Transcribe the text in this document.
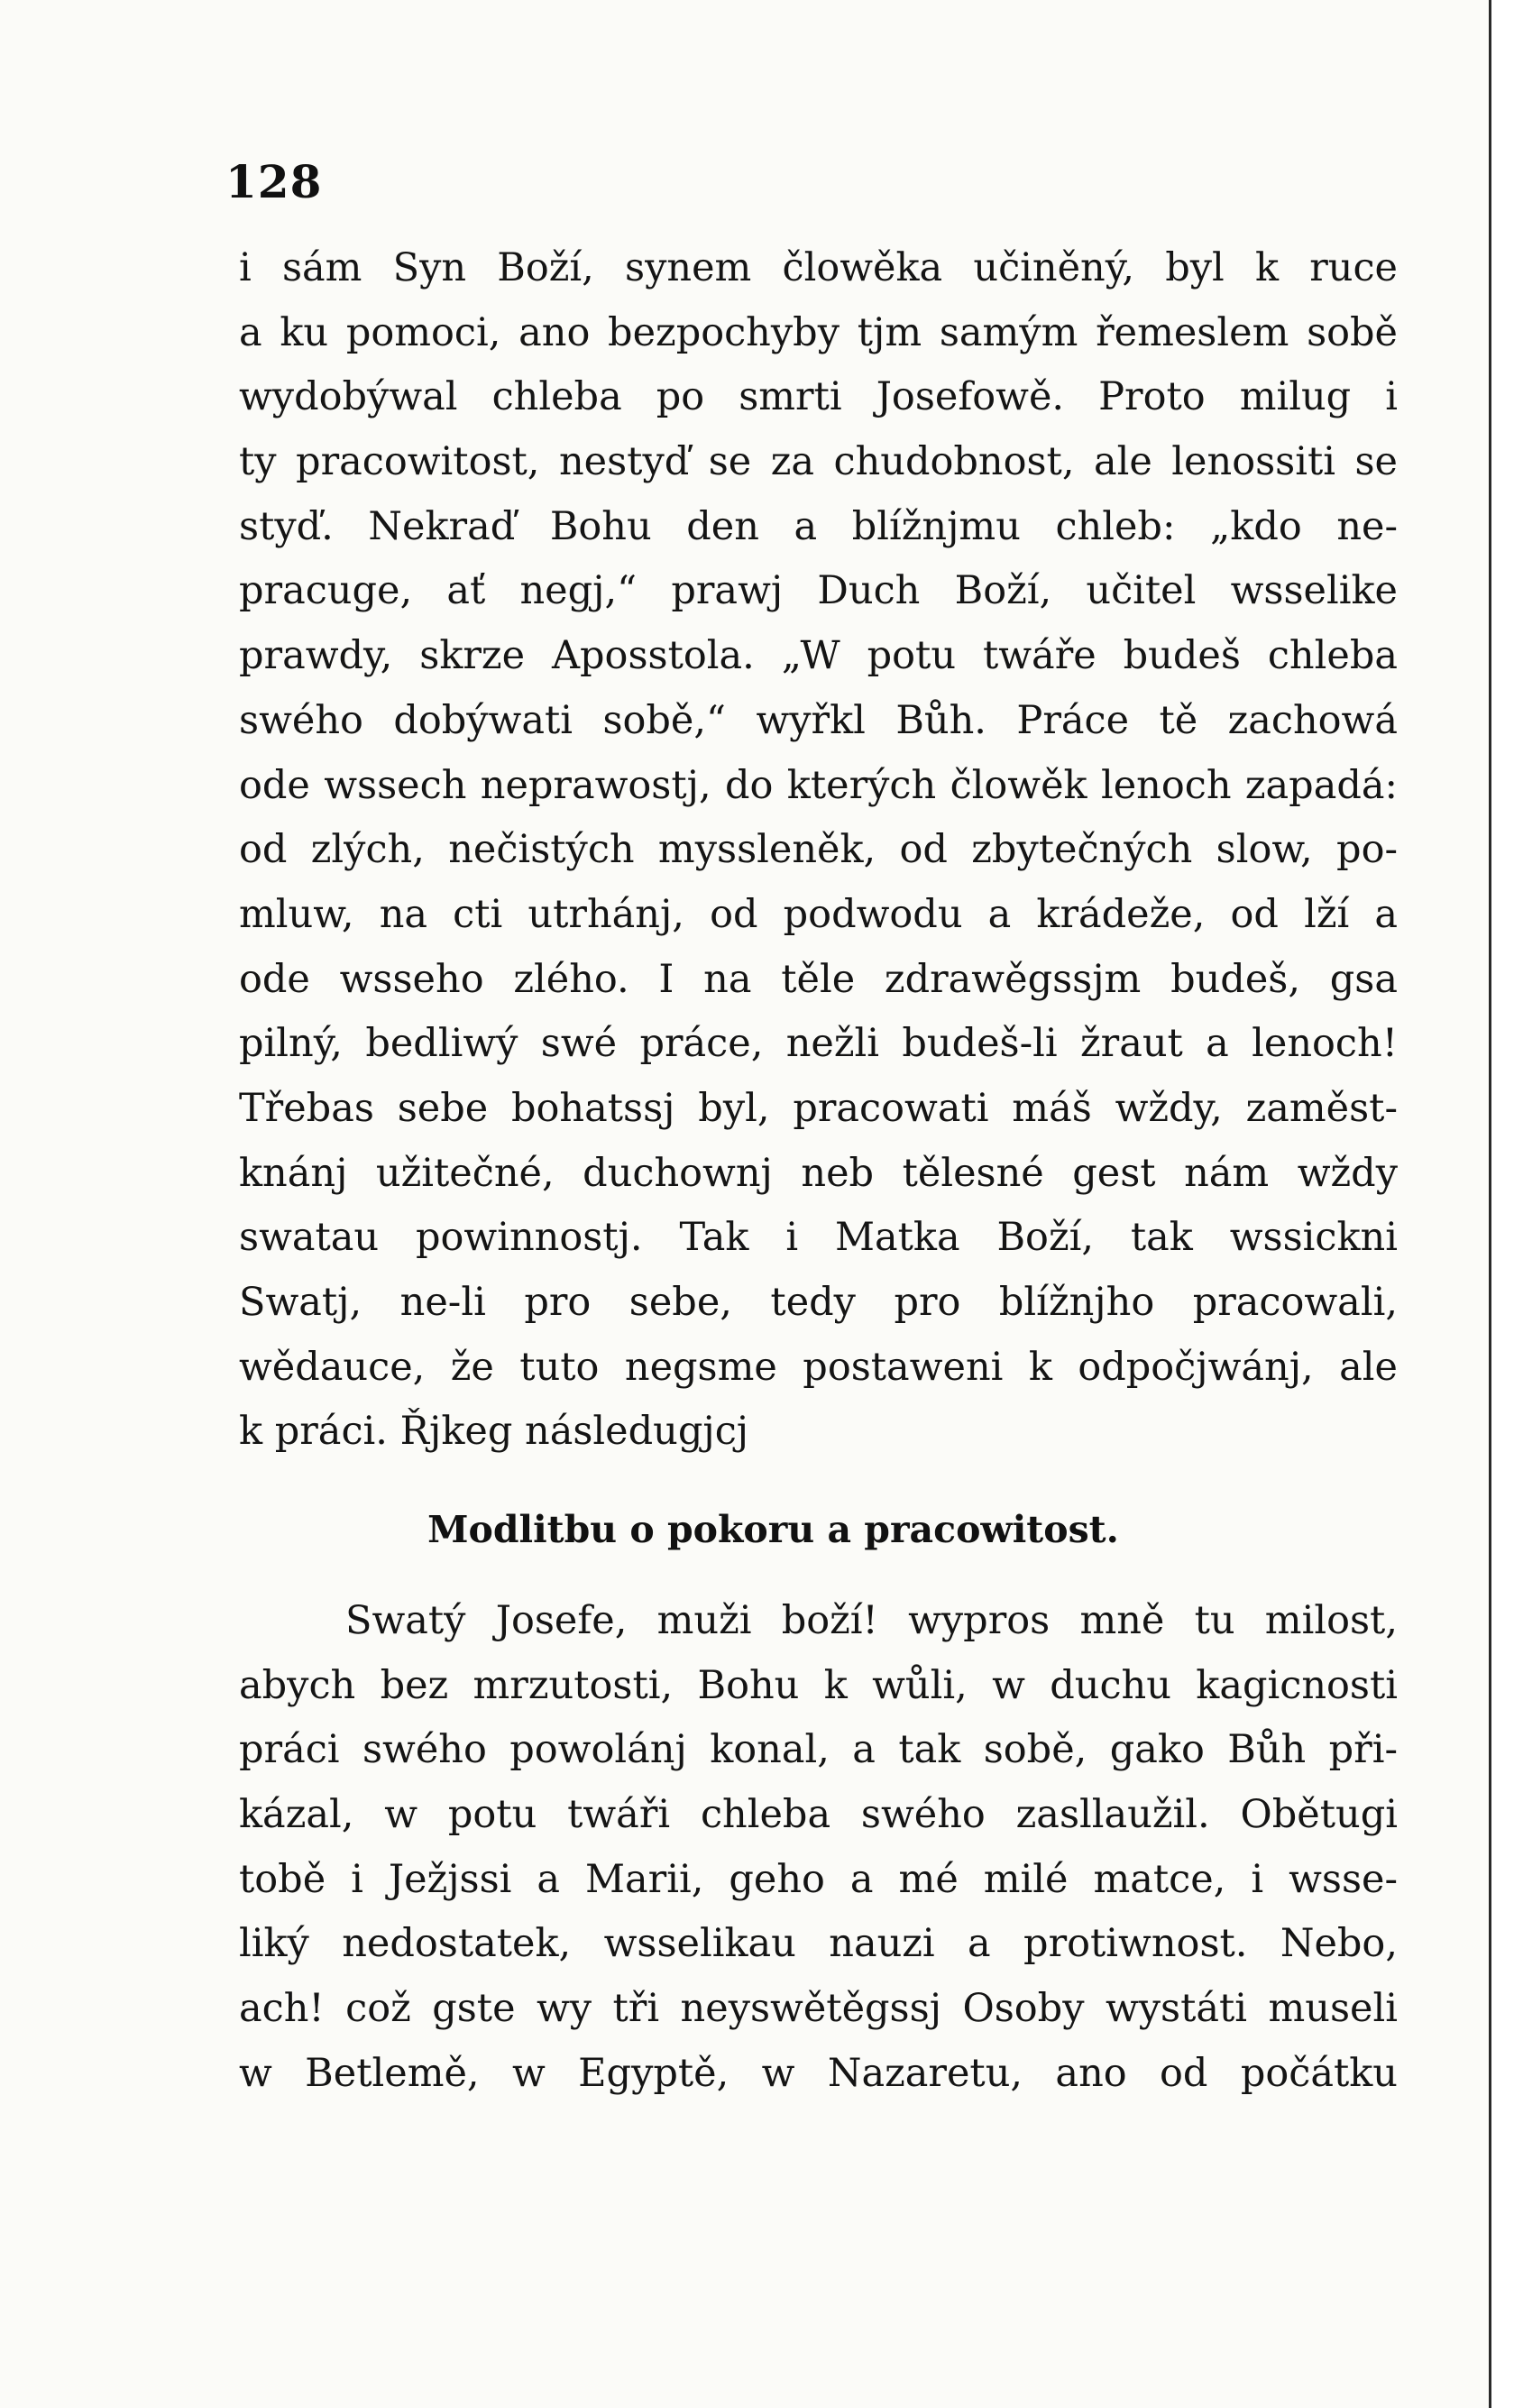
128
i sám Syn Boží, synem člowěka učiněný, byl k ruce
a ku pomoci, ano bezpochyby tjm samým řemeslem sobě
wydobýwal chleba po smrti Josefowě. Proto milug i
ty pracowitost, nestyď se za chudobnost, ale lenossiti se
styď. Nekraď Bohu den a blížnjmu chleb: „kdo ne-
pracuge, ať negj,“ prawj Duch Boží, učitel wsselike
prawdy, skrze Aposstola. „W potu twáře budeš chleba
swého dobýwati sobě,“ wyřkl Bůh. Práce tě zachowá
ode wssech neprawostj, do kterých člowěk lenoch zapadá:
od zlých, nečistých myssleněk, od zbytečných slow, po-
mluw, na cti utrhánj, od podwodu a krádeže, od lží a
ode wsseho zlého. I na těle zdrawěgssjm budeš, gsa
pilný, bedliwý swé práce, nežli budeš-li žraut a lenoch!
Třebas sebe bohatssj byl, pracowati máš wždy, zaměst-
knánj užitečné, duchownj neb tělesné gest nám wždy
swatau powinnostj. Tak i Matka Boží, tak wssickni
Swatj, ne-li pro sebe, tedy pro blížnjho pracowali,
wědauce, že tuto negsme postaweni k odpočjwánj, ale
k práci. Řjkeg následugjcj
Modlitbu o pokoru a pracowitost.
Swatý Josefe, muži boží! wypros mně tu milost,
abych bez mrzutosti, Bohu k wůli, w duchu kagicnosti
práci swého powolánj konal, a tak sobě, gako Bůh při-
kázal, w potu twáři chleba swého zasllaužil. Obětugi
tobě i Ježjssi a Marii, geho a mé milé matce, i wsse-
liký nedostatek, wsselikau nauzi a protiwnost. Nebo,
ach! což gste wy tři neyswětěgssj Osoby wystáti museli
w Betlemě, w Egyptě, w Nazaretu, ano od počátku
